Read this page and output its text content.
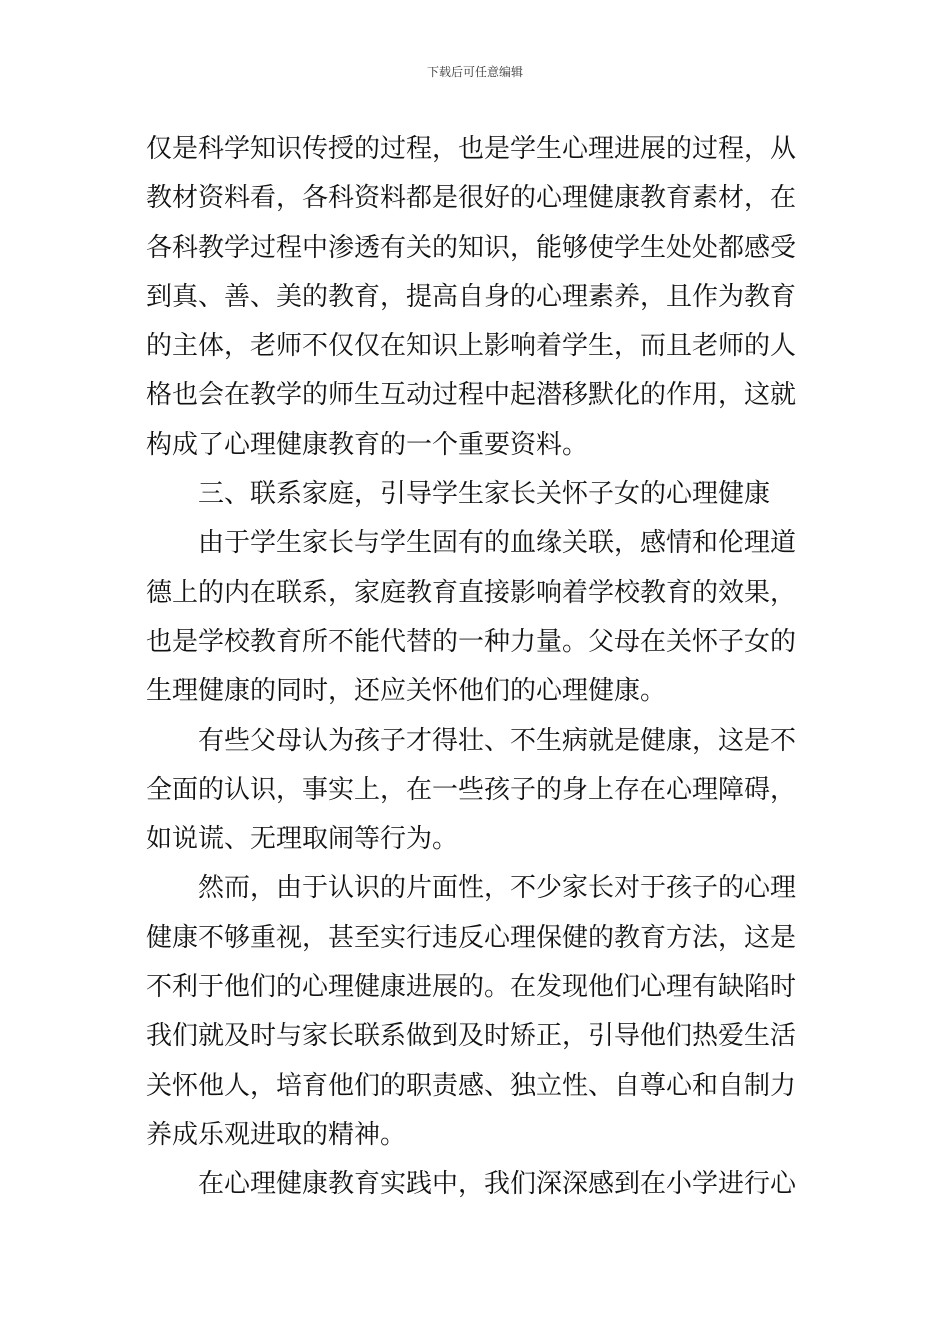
下载后可任意编辑
仅是科学知识传授的过程，也是学生心理进展的过程，从
教材资料看，各科资料都是很好的心理健康教育素材，在
各科教学过程中渗透有关的知识，能够使学生处处都感受
到真、善、美的教育，提高自身的心理素养，且作为教育
的主体，老师不仅仅在知识上影响着学生，而且老师的人
格也会在教学的师生互动过程中起潜移默化的作用，这就
构成了心理健康教育的一个重要资料。
三、联系家庭，引导学生家长关怀子女的心理健康
由于学生家长与学生固有的血缘关联，感情和伦理道
德上的内在联系，家庭教育直接影响着学校教育的效果，
也是学校教育所不能代替的一种力量。父母在关怀子女的
生理健康的同时，还应关怀他们的心理健康。
有些父母认为孩子才得壮、不生病就是健康，这是不
全面的认识，事实上，在一些孩子的身上存在心理障碍，
如说谎、无理取闹等行为。
然而，由于认识的片面性，不少家长对于孩子的心理
健康不够重视，甚至实行违反心理保健的教育方法，这是
不利于他们的心理健康进展的。在发现他们心理有缺陷时
我们就及时与家长联系做到及时矫正，引导他们热爱生活
关怀他人，培育他们的职责感、独立性、自尊心和自制力
养成乐观进取的精神。
在心理健康教育实践中，我们深深感到在小学进行心
